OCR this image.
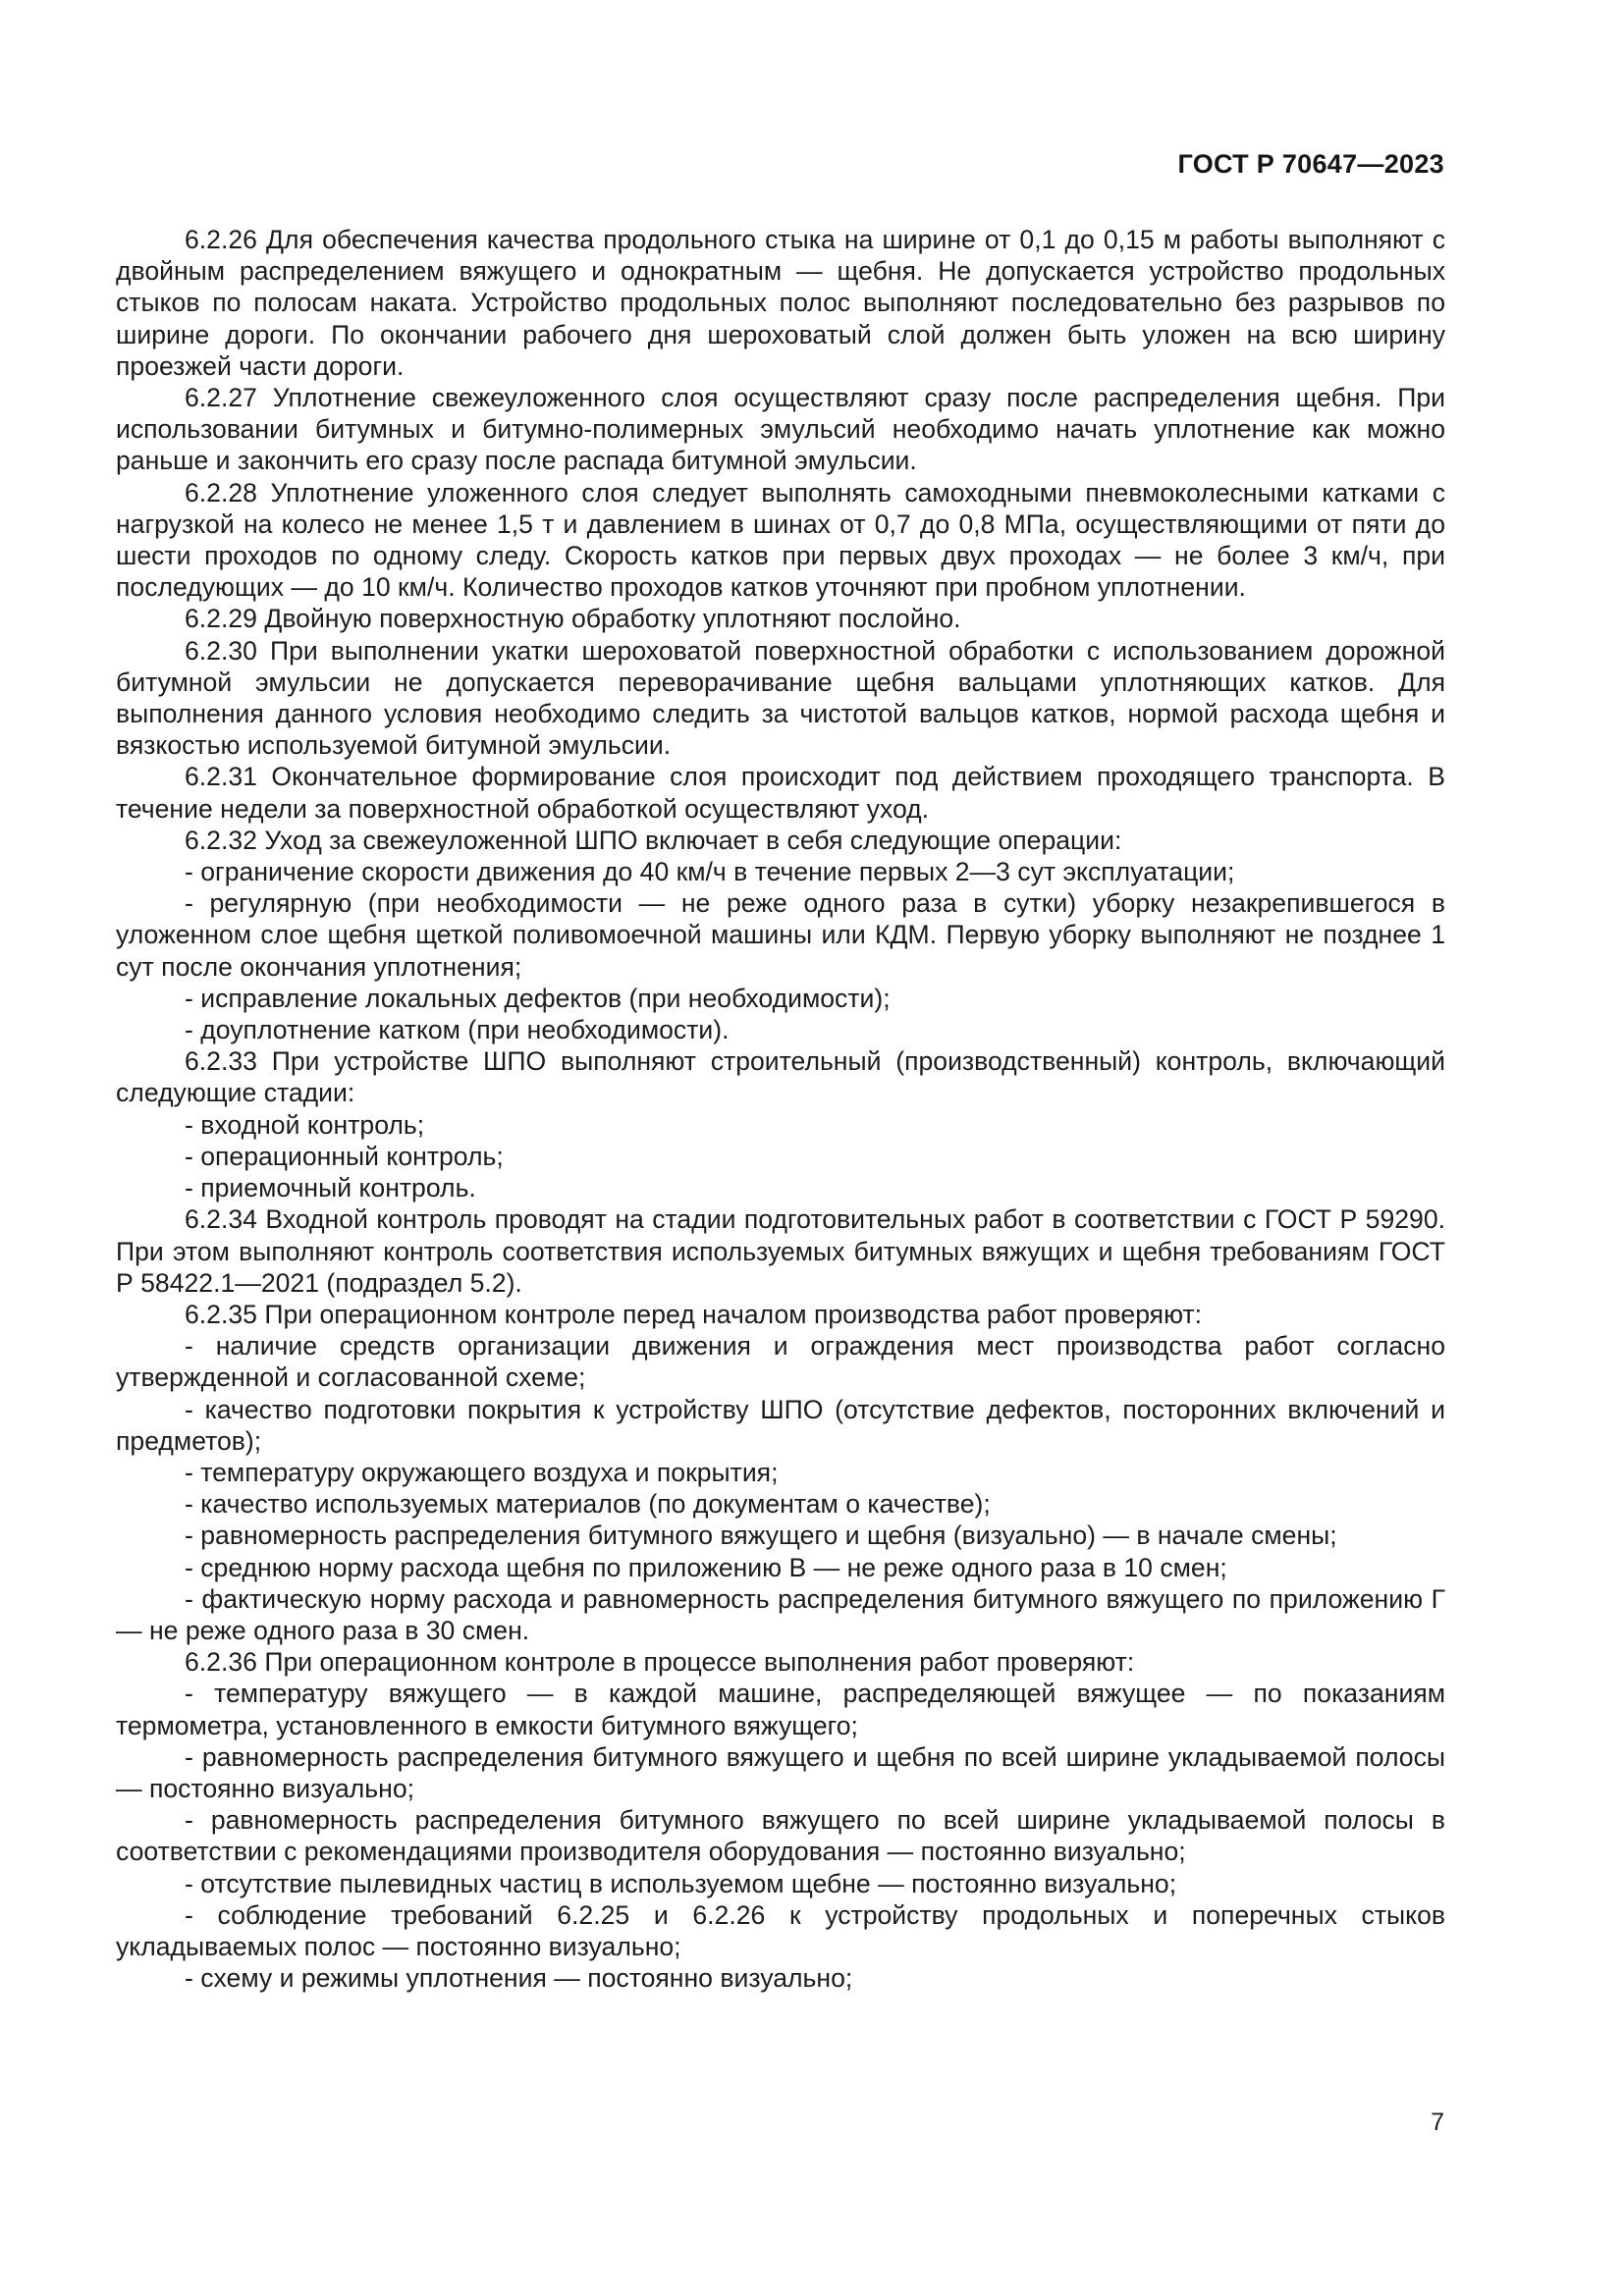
ГОСТ Р 70647—2023

6.2.26 Для обеспечения качества продольного стыка на ширине от 0,1 до 0,15 м работы выполняют с двойным распределением вяжущего и однократным — щебня. Не допускается устройство продольных стыков по полосам наката. Устройство продольных полос выполняют последовательно без разрывов по ширине дороги. По окончании рабочего дня шероховатый слой должен быть уложен на всю ширину проезжей части дороги.

6.2.27 Уплотнение свежеуложенного слоя осуществляют сразу после распределения щебня. При использовании битумных и битумно-полимерных эмульсий необходимо начать уплотнение как можно раньше и закончить его сразу после распада битумной эмульсии.

6.2.28 Уплотнение уложенного слоя следует выполнять самоходными пневмоколесными катками с нагрузкой на колесо не менее 1,5 т и давлением в шинах от 0,7 до 0,8 МПа, осуществляющими от пяти до шести проходов по одному следу. Скорость катков при первых двух проходах — не более 3 км/ч, при последующих — до 10 км/ч. Количество проходов катков уточняют при пробном уплотнении.

6.2.29 Двойную поверхностную обработку уплотняют послойно.

6.2.30 При выполнении укатки шероховатой поверхностной обработки с использованием дорожной битумной эмульсии не допускается переворачивание щебня вальцами уплотняющих катков. Для выполнения данного условия необходимо следить за чистотой вальцов катков, нормой расхода щебня и вязкостью используемой битумной эмульсии.

6.2.31 Окончательное формирование слоя происходит под действием проходящего транспорта. В течение недели за поверхностной обработкой осуществляют уход.

6.2.32 Уход за свежеуложенной ШПО включает в себя следующие операции:

- ограничение скорости движения до 40 км/ч в течение первых 2—3 сут эксплуатации;

- регулярную (при необходимости — не реже одного раза в сутки) уборку незакрепившегося в уложенном слое щебня щеткой поливомоечной машины или КДМ. Первую уборку выполняют не позднее 1 сут после окончания уплотнения;

- исправление локальных дефектов (при необходимости);

- доуплотнение катком (при необходимости).

6.2.33 При устройстве ШПО выполняют строительный (производственный) контроль, включающий следующие стадии:

- входной контроль;

- операционный контроль;

- приемочный контроль.

6.2.34 Входной контроль проводят на стадии подготовительных работ в соответствии с ГОСТ Р 59290. При этом выполняют контроль соответствия используемых битумных вяжущих и щебня требованиям ГОСТ Р 58422.1—2021 (подраздел 5.2).

6.2.35 При операционном контроле перед началом производства работ проверяют:

- наличие средств организации движения и ограждения мест производства работ согласно утвержденной и согласованной схеме;

- качество подготовки покрытия к устройству ШПО (отсутствие дефектов, посторонних включений и предметов);

- температуру окружающего воздуха и покрытия;

- качество используемых материалов (по документам о качестве);

- равномерность распределения битумного вяжущего и щебня (визуально) — в начале смены;

- среднюю норму расхода щебня по приложению В — не реже одного раза в 10 смен;

- фактическую норму расхода и равномерность распределения битумного вяжущего по приложению Г — не реже одного раза в 30 смен.

6.2.36 При операционном контроле в процессе выполнения работ проверяют:

- температуру вяжущего — в каждой машине, распределяющей вяжущее — по показаниям термометра, установленного в емкости битумного вяжущего;

- равномерность распределения битумного вяжущего и щебня по всей ширине укладываемой полосы — постоянно визуально;

- равномерность распределения битумного вяжущего по всей ширине укладываемой полосы в соответствии с рекомендациями производителя оборудования — постоянно визуально;

- отсутствие пылевидных частиц в используемом щебне — постоянно визуально;

- соблюдение требований 6.2.25 и 6.2.26 к устройству продольных и поперечных стыков укладываемых полос — постоянно визуально;

- схему и режимы уплотнения — постоянно визуально;

7
